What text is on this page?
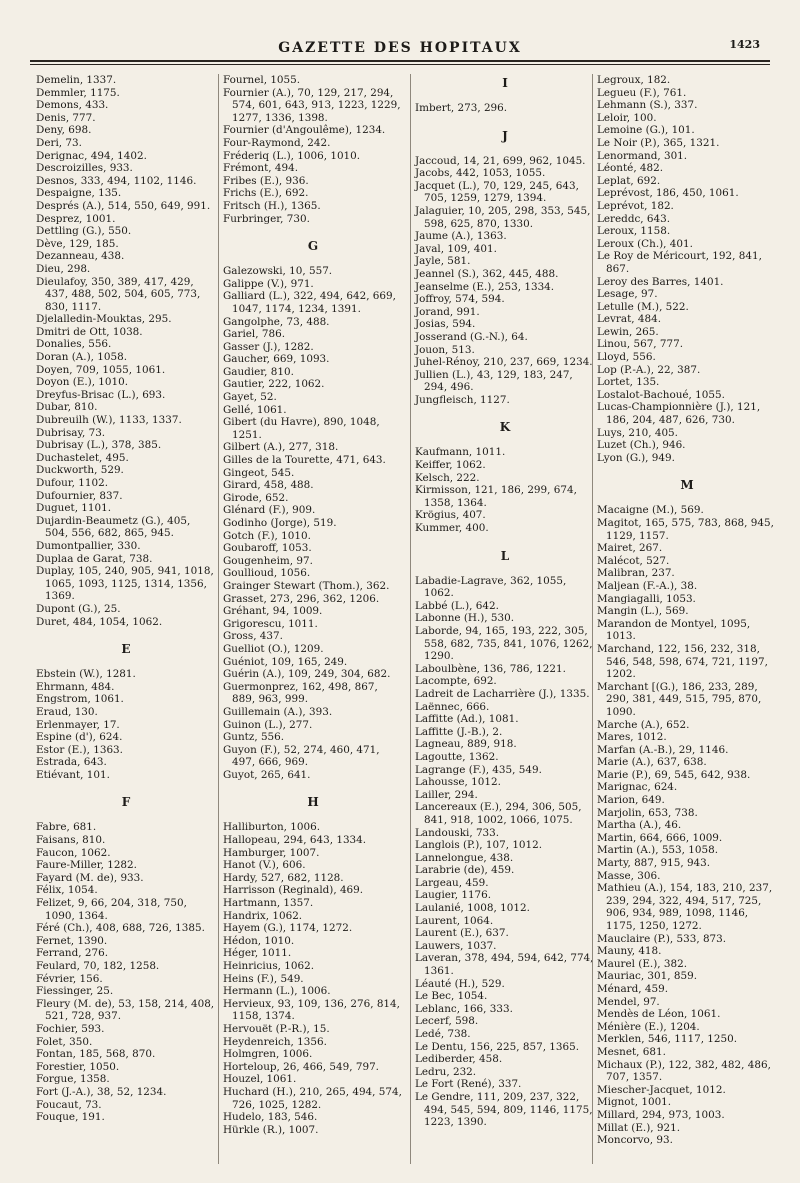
GAZETTE DES HOPITAUX	1423
Demelin, 1337.
Demmler, 1175.
Demons, 433.
Denis, 777.
Deny, 698.
Deri, 73.
Derignac, 494, 1402.
Descroizilles, 933.
Desnos, 333, 494, 1102, 1146.
Despaigne, 135.
Després (A.), 514, 550, 649, 991.
Desprez, 1001.
Dettling (G.), 550.
Dève, 129, 185.
Dezanneau, 438.
Dieu, 298.
Dieulafoy, 350, 389, 417, 429, 437, 488, 502, 504, 605, 773, 830, 1117.
Djelalledin-Mouktas, 295.
Dmitri de Ott, 1038.
Donalies, 556.
Doran (A.), 1058.
Doyen, 709, 1055, 1061.
Doyon (E.), 1010.
Dreyfus-Brisac (L.), 693.
Dubar, 810.
Dubreuilh (W.), 1133, 1337.
Dubrisay, 73.
Dubrisay (L.), 378, 385.
Duchastelet, 495.
Duckworth, 529.
Dufour, 1102.
Dufournier, 837.
Duguet, 1101.
Dujardin-Beaumetz (G.), 405, 504, 556, 682, 865, 945.
Dumontpallier, 330.
Duplaa de Garat, 738.
Duplay, 105, 240, 905, 941, 1018, 1065, 1093, 1125, 1314, 1356, 1369.
Dupont (G.), 25.
Duret, 484, 1054, 1062.
E
Ebstein (W.), 1281.
Ehrmann, 484.
Engstrom, 1061.
Eraud, 130.
Erlenmayer, 17.
Espine (d'), 624.
Estor (E.), 1363.
Estrada, 643.
Etiévant, 101.
F
Fabre, 681.
Faisans, 810.
Faucon, 1062.
Faure-Miller, 1282.
Fayard (M. de), 933.
Félix, 1054.
Felizet, 9, 66, 204, 318, 750, 1090, 1364.
Féré (Ch.), 408, 688, 726, 1385.
Fernet, 1390.
Ferrand, 276.
Feulard, 70, 182, 1258.
Février, 156.
Fiessinger, 25.
Fleury (M. de), 53, 158, 214, 408, 521, 728, 937.
Fochier, 593.
Folet, 350.
Fontan, 185, 568, 870.
Forestier, 1050.
Forgue, 1358.
Fort (J.-A.), 38, 52, 1234.
Foucaut, 73.
Fouque, 191.
Fournel, 1055.
Fournier (A.), 70, 129, 217, 294, 574, 601, 643, 913, 1223, 1229, 1277, 1336, 1398.
Fournier (d'Angoulême), 1234.
Four-Raymond, 242.
Fréderiq (L.), 1006, 1010.
Frémont, 494.
Fribes (E.), 936.
Frichs (E.), 692.
Fritsch (H.), 1365.
Furbringer, 730.
G
Galezowski, 10, 557.
Galippe (V.), 971.
Galliard (L.), 322, 494, 642, 669, 1047, 1174, 1234, 1391.
Gangolphe, 73, 488.
Gariel, 786.
Gasser (J.), 1282.
Gaucher, 669, 1093.
Gaudier, 810.
Gautier, 222, 1062.
Gayet, 52.
Gellé, 1061.
Gibert (du Havre), 890, 1048, 1251.
Gilbert (A.), 277, 318.
Gilles de la Tourette, 471, 643.
Gingeot, 545.
Girard, 458, 488.
Girode, 652.
Glénard (F.), 909.
Godinho (Jorge), 519.
Gotch (F.), 1010.
Goubaroff, 1053.
Gougenheim, 97.
Goullioud, 1056.
Grainger Stewart (Thom.), 362.
Grasset, 273, 296, 362, 1206.
Gréhant, 94, 1009.
Grigorescu, 1011.
Gross, 437.
Guelliot (O.), 1209.
Guéniot, 109, 165, 249.
Guérin (A.), 109, 249, 304, 682.
Guermonprez, 162, 498, 867, 889, 963, 999.
Guillemain (A.), 393.
Guinon (L.), 277.
Guntz, 556.
Guyon (F.), 52, 274, 460, 471, 497, 666, 969.
Guyot, 265, 641.
H
Halliburton, 1006.
Hallopeau, 294, 643, 1334.
Hamburger, 1007.
Hanot (V.), 606.
Hardy, 527, 682, 1128.
Harrisson (Reginald), 469.
Hartmann, 1357.
Handrix, 1062.
Hayem (G.), 1174, 1272.
Hédon, 1010.
Héger, 1011.
Heinricius, 1062.
Heins (F.), 549.
Hermann (L.), 1006.
Hervieux, 93, 109, 136, 276, 814, 1158, 1374.
Hervouët (P.-R.), 15.
Heydenreich, 1356.
Holmgren, 1006.
Horteloup, 26, 466, 549, 797.
Houzel, 1061.
Huchard (H.), 210, 265, 494, 574, 726, 1025, 1282.
Hudelo, 183, 546.
Hürkle (R.), 1007.
I
Imbert, 273, 296.
J
Jaccoud, 14, 21, 699, 962, 1045.
Jacobs, 442, 1053, 1055.
Jacquet (L.), 70, 129, 245, 643, 705, 1259, 1279, 1394.
Jalaguier, 10, 205, 298, 353, 545, 598, 625, 870, 1330.
Jaume (A.), 1363.
Javal, 109, 401.
Jayle, 581.
Jeannel (S.), 362, 445, 488.
Jeanselme (E.), 253, 1334.
Joffroy, 574, 594.
Jorand, 991.
Josias, 594.
Josserand (G.-N.), 64.
Jouon, 513.
Juhel-Rénoy, 210, 237, 669, 1234.
Jullien (L.), 43, 129, 183, 247, 294, 496.
Jungfleisch, 1127.
K
Kaufmann, 1011.
Keiffer, 1062.
Kelsch, 222.
Kirmisson, 121, 186, 299, 674, 1358, 1364.
Krögius, 407.
Kummer, 400.
L
Labadie-Lagrave, 362, 1055, 1062.
Labbé (L.), 642.
Labonne (H.), 530.
Laborde, 94, 165, 193, 222, 305, 558, 682, 735, 841, 1076, 1262, 1290.
Laboulbène, 136, 786, 1221.
Lacompte, 692.
Ladreit de Lacharrière (J.), 1335.
Laënnec, 666.
Laffitte (Ad.), 1081.
Laffitte (J.-B.), 2.
Lagneau, 889, 918.
Lagoutte, 1362.
Lagrange (F.), 435, 549.
Lahousse, 1012.
Lailler, 294.
Lancereaux (E.), 294, 306, 505, 841, 918, 1002, 1066, 1075.
Landouski, 733.
Langlois (P.), 107, 1012.
Lannelongue, 438.
Larabrie (de), 459.
Largeau, 459.
Laugier, 1176.
Laulanié, 1008, 1012.
Laurent, 1064.
Laurent (E.), 637.
Lauwers, 1037.
Laveran, 378, 494, 594, 642, 774, 1361.
Léauté (H.), 529.
Le Bec, 1054.
Leblanc, 166, 333.
Lecerf, 598.
Ledé, 738.
Le Dentu, 156, 225, 857, 1365.
Lediberder, 458.
Ledru, 232.
Le Fort (René), 337.
Le Gendre, 111, 209, 237, 322, 494, 545, 594, 809, 1146, 1175, 1223, 1390.
Legroux, 182.
Legueu (F.), 761.
Lehmann (S.), 337.
Leloir, 100.
Lemoine (G.), 101.
Le Noir (P.), 365, 1321.
Lenormand, 301.
Léonté, 482.
Leplat, 692.
Leprévost, 186, 450, 1061.
Leprévot, 182.
Lereddc, 643.
Leroux, 1158.
Leroux (Ch.), 401.
Le Roy de Méricourt, 192, 841, 867.
Leroy des Barres, 1401.
Lesage, 97.
Letulle (M.), 522.
Levrat, 484.
Lewin, 265.
Linou, 567, 777.
Lloyd, 556.
Lop (P.-A.), 22, 387.
Lortet, 135.
Lostalot-Bachoué, 1055.
Lucas-Championnière (J.), 121, 186, 204, 487, 626, 730.
Luys, 210, 405.
Luzet (Ch.), 946.
Lyon (G.), 949.
M
Macaigne (M.), 569.
Magitot, 165, 575, 783, 868, 945, 1129, 1157.
Mairet, 267.
Malécot, 527.
Malibran, 237.
Maljean (F.-A.), 38.
Mangiagalli, 1053.
Mangin (L.), 569.
Marandon de Montyel, 1095, 1013.
Marchand, 122, 156, 232, 318, 546, 548, 598, 674, 721, 1197, 1202.
Marchant [(G.), 186, 233, 289, 290, 381, 449, 515, 795, 870, 1090.
Marche (A.), 652.
Mares, 1012.
Marfan (A.-B.), 29, 1146.
Marie (A.), 637, 638.
Marie (P.), 69, 545, 642, 938.
Marignac, 624.
Marion, 649.
Marjolin, 653, 738.
Martha (A.), 46.
Martin, 664, 666, 1009.
Martin (A.), 553, 1058.
Marty, 887, 915, 943.
Masse, 306.
Mathieu (A.), 154, 183, 210, 237, 239, 294, 322, 494, 517, 725, 906, 934, 989, 1098, 1146, 1175, 1250, 1272.
Mauclaire (P.), 533, 873.
Mauny, 418.
Maurel (E.), 382.
Mauriac, 301, 859.
Ménard, 459.
Mendel, 97.
Mendès de Léon, 1061.
Ménière (E.), 1204.
Merklen, 546, 1117, 1250.
Mesnet, 681.
Michaux (P.), 122, 382, 482, 486, 707, 1357.
Miescher-Jacquet, 1012.
Mignot, 1001.
Millard, 294, 973, 1003.
Millat (E.), 921.
Moncorvo, 93.
